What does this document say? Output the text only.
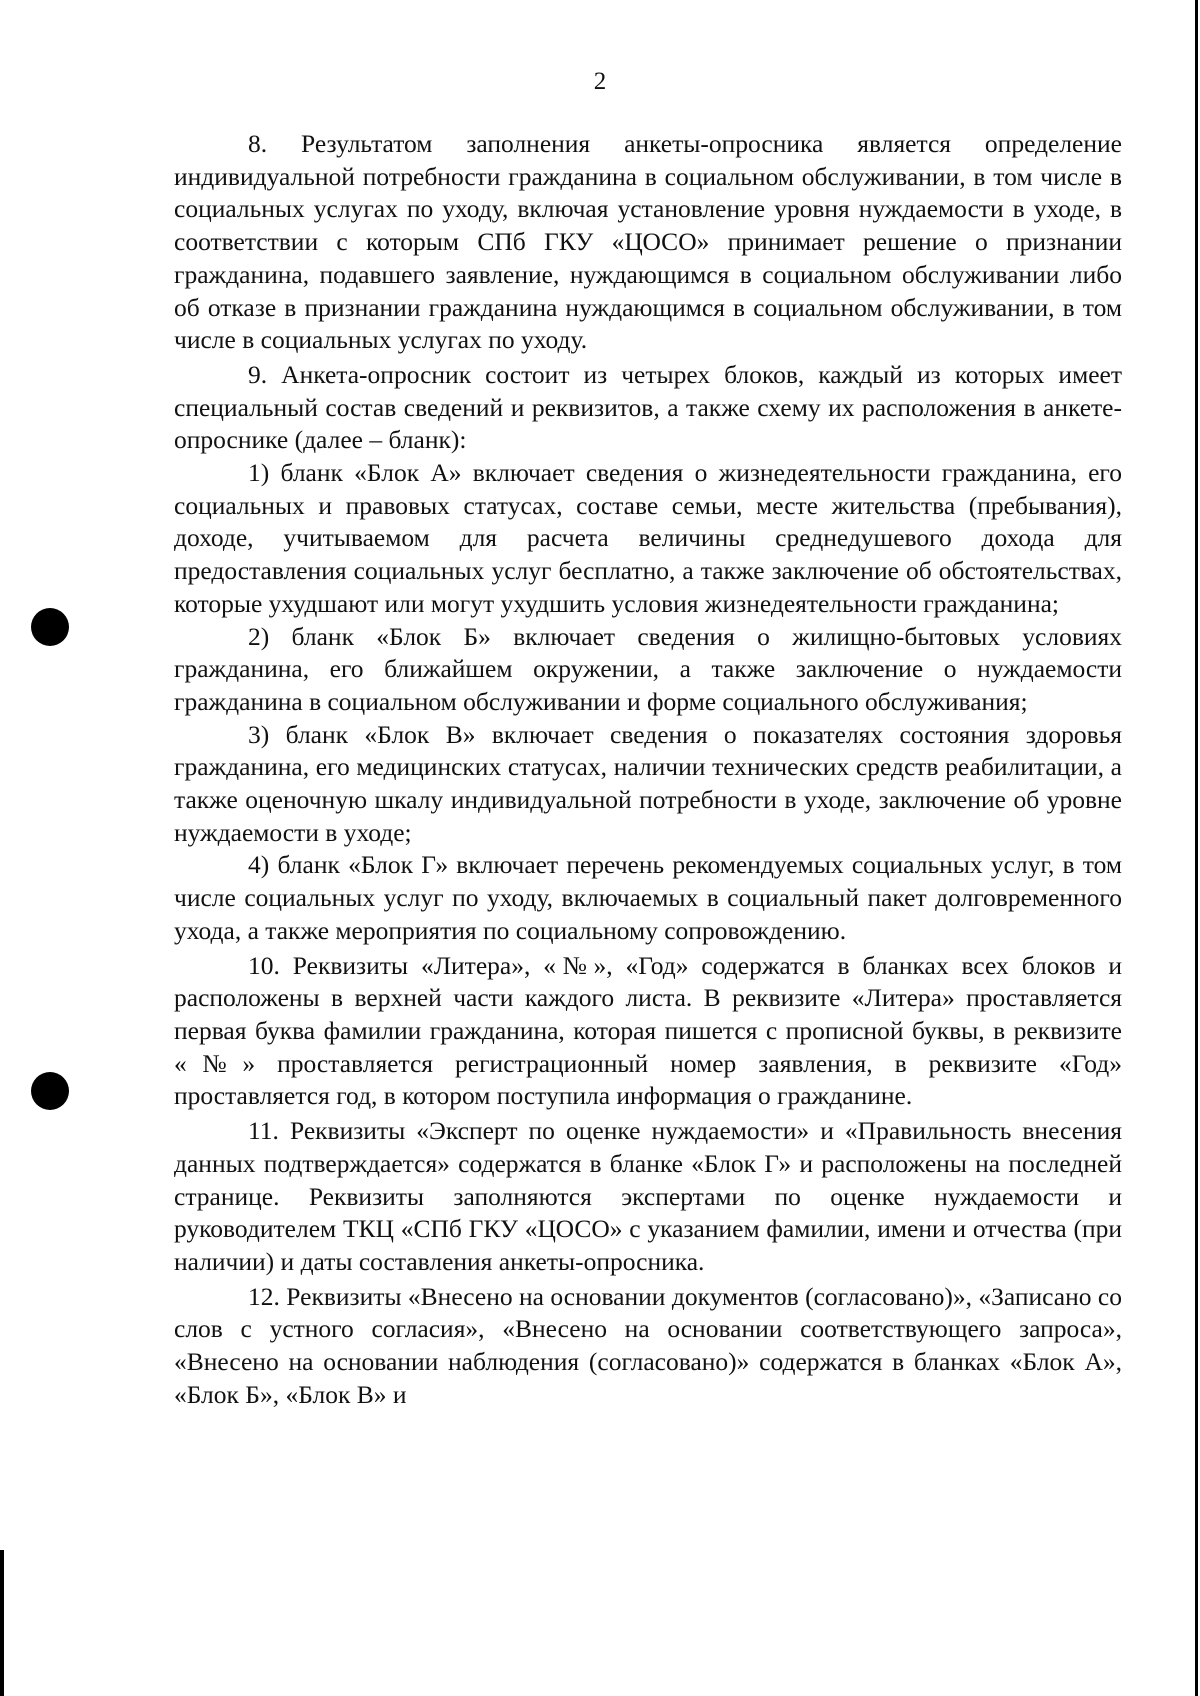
2

8. Результатом заполнения анкеты-опросника является определение индивидуальной потребности гражданина в социальном обслуживании, в том числе в социальных услугах по уходу, включая установление уровня нуждаемости в уходе, в соответствии с которым СПб ГКУ «ЦОСО» принимает решение о признании гражданина, подавшего заявление, нуждающимся в социальном обслуживании либо об отказе в признании гражданина нуждающимся в социальном обслуживании, в том числе в социальных услугах по уходу.

9. Анкета-опросник состоит из четырех блоков, каждый из которых имеет специальный состав сведений и реквизитов, а также схему их расположения в анкете-опроснике (далее – бланк):

1) бланк «Блок А» включает сведения о жизнедеятельности гражданина, его социальных и правовых статусах, составе семьи, месте жительства (пребывания), доходе, учитываемом для расчета величины среднедушевого дохода для предоставления социальных услуг бесплатно, а также заключение об обстоятельствах, которые ухудшают или могут ухудшить условия жизнедеятельности гражданина;

2) бланк «Блок Б» включает сведения о жилищно-бытовых условиях гражданина, его ближайшем окружении, а также заключение о нуждаемости гражданина в социальном обслуживании и форме социального обслуживания;

3) бланк «Блок В» включает сведения о показателях состояния здоровья гражданина, его медицинских статусах, наличии технических средств реабилитации, а также оценочную шкалу индивидуальной потребности в уходе, заключение об уровне нуждаемости в уходе;

4) бланк «Блок Г» включает перечень рекомендуемых социальных услуг, в том числе социальных услуг по уходу, включаемых в социальный пакет долговременного ухода, а также мероприятия по социальному сопровождению.

10. Реквизиты «Литера», «№», «Год» содержатся в бланках всех блоков и расположены в верхней части каждого листа. В реквизите «Литера» проставляется первая буква фамилии гражданина, которая пишется с прописной буквы, в реквизите «№» проставляется регистрационный номер заявления, в реквизите «Год» проставляется год, в котором поступила информация о гражданине.

11. Реквизиты «Эксперт по оценке нуждаемости» и «Правильность внесения данных подтверждается» содержатся в бланке «Блок Г» и расположены на последней странице. Реквизиты заполняются экспертами по оценке нуждаемости и руководителем ТКЦ «СПб ГКУ «ЦОСО» с указанием фамилии, имени и отчества (при наличии) и даты составления анкеты-опросника.

12. Реквизиты «Внесено на основании документов (согласовано)», «Записано со слов с устного согласия», «Внесено на основании соответствующего запроса», «Внесено на основании наблюдения (согласовано)» содержатся в бланках «Блок А», «Блок Б», «Блок В» и
